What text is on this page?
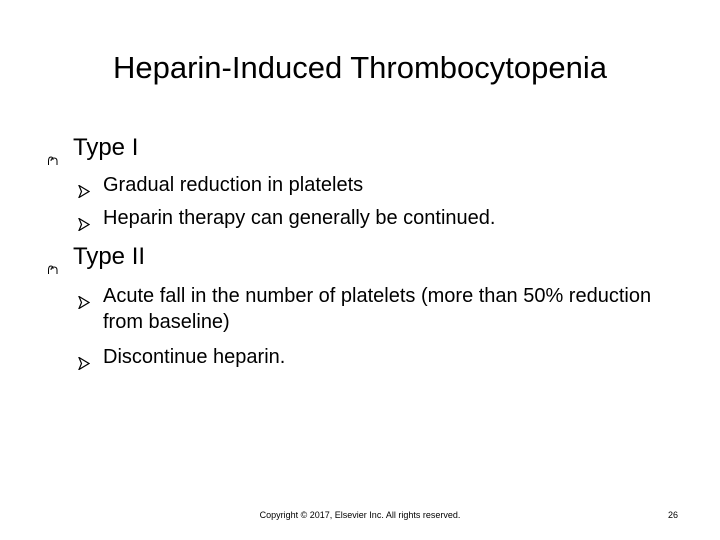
Heparin-Induced Thrombocytopenia
Type I
Gradual reduction in platelets
Heparin therapy can generally be continued.
Type II
Acute fall in the number of platelets (more than 50% reduction from baseline)
Discontinue heparin.
Copyright © 2017, Elsevier Inc. All rights reserved.	26
